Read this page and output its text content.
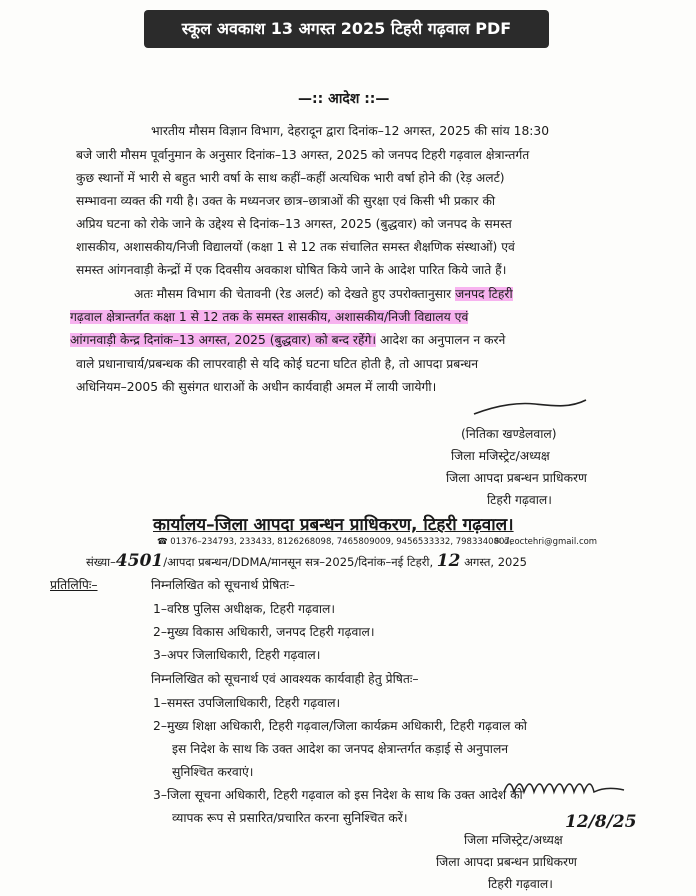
स्कूल अवकाश 13 अगस्त 2025 टिहरी गढ़वाल PDF
—:: आदेश ::—
भारतीय मौसम विज्ञान विभाग, देहरादून द्वारा दिनांक–12 अगस्त, 2025 की सांय 18:30
बजे जारी मौसम पूर्वानुमान के अनुसार दिनांक–13 अगस्त, 2025 को जनपद टिहरी गढ़वाल क्षेत्रान्तर्गत
कुछ स्थानों में भारी से बहुत भारी वर्षा के साथ कहीं–कहीं अत्यधिक भारी वर्षा होने की (रेड़ अलर्ट)
सम्भावना व्यक्त की गयी है। उक्त के मध्यनजर छात्र–छात्राओं की सुरक्षा एवं किसी भी प्रकार की
अप्रिय घटना को रोके जाने के उद्देश्य से दिनांक–13 अगस्त, 2025 (बुद्धवार) को जनपद के समस्त
शासकीय, अशासकीय/निजी विद्यालयों (कक्षा 1 से 12 तक संचालित समस्त शैक्षणिक संस्थाओं) एवं
समस्त आंगनवाड़ी केन्द्रों में एक दिवसीय अवकाश घोषित किये जाने के आदेश पारित किये जाते हैं।
अतः मौसम विभाग की चेतावनी (रेड अलर्ट) को देखते हुए उपरोक्तानुसार जनपद टिहरी
गढ़वाल क्षेत्रान्तर्गत कक्षा 1 से 12 तक के समस्त शासकीय, अशासकीय/निजी विद्यालय एवं
आंगनवाड़ी केन्द्र दिनांक–13 अगस्त, 2025 (बुद्धवार) को बन्द रहेंगे। आदेश का अनुपालन न करने
वाले प्रधानाचार्य/प्रबन्धक की लापरवाही से यदि कोई घटना घटित होती है, तो आपदा प्रबन्धन
अधिनियम–2005 की सुसंगत धाराओं के अधीन कार्यवाही अमल में लायी जायेगी।
(नितिका खण्डेलवाल)
जिला मजिस्ट्रेट/अध्यक्ष
जिला आपदा प्रबन्धन प्राधिकरण
टिहरी गढ़वाल।
कार्यालय–जिला आपदा प्रबन्धन प्राधिकरण, टिहरी गढ़वाल।
☎ 01376–234793, 233433, 8126268098, 7465809009, 9456533332, 7983340807,
✉ deoctehri@gmail.com
संख्या–4501/आपदा प्रबन्धन/DDMA/मानसून सत्र–2025/दिनांक–नई टिहरी, 12 अगस्त, 2025
प्रतिलिपिः–	निम्नलिखित को सूचनार्थ प्रेषितः–
1–वरिष्ठ पुलिस अधीक्षक, टिहरी गढ़वाल।
2–मुख्य विकास अधिकारी, जनपद टिहरी गढ़वाल।
3–अपर जिलाधिकारी, टिहरी गढ़वाल।
निम्नलिखित को सूचनार्थ एवं आवश्यक कार्यवाही हेतु प्रेषितः–
1–समस्त उपजिलाधिकारी, टिहरी गढ़वाल।
2–मुख्य शिक्षा अधिकारी, टिहरी गढ़वाल/जिला कार्यक्रम अधिकारी, टिहरी गढ़वाल को
इस निदेश के साथ कि उक्त आदेश का जनपद क्षेत्रान्तर्गत कड़ाई से अनुपालन
सुनिश्चित करवाएं।
3–जिला सूचना अधिकारी, टिहरी गढ़वाल को इस निदेश के साथ कि उक्त आदेश को
व्यापक रूप से प्रसारित/प्रचारित करना सुनिश्चित करें।	12/8/25
जिला मजिस्ट्रेट/अध्यक्ष
जिला आपदा प्रबन्धन प्राधिकरण
टिहरी गढ़वाल।
